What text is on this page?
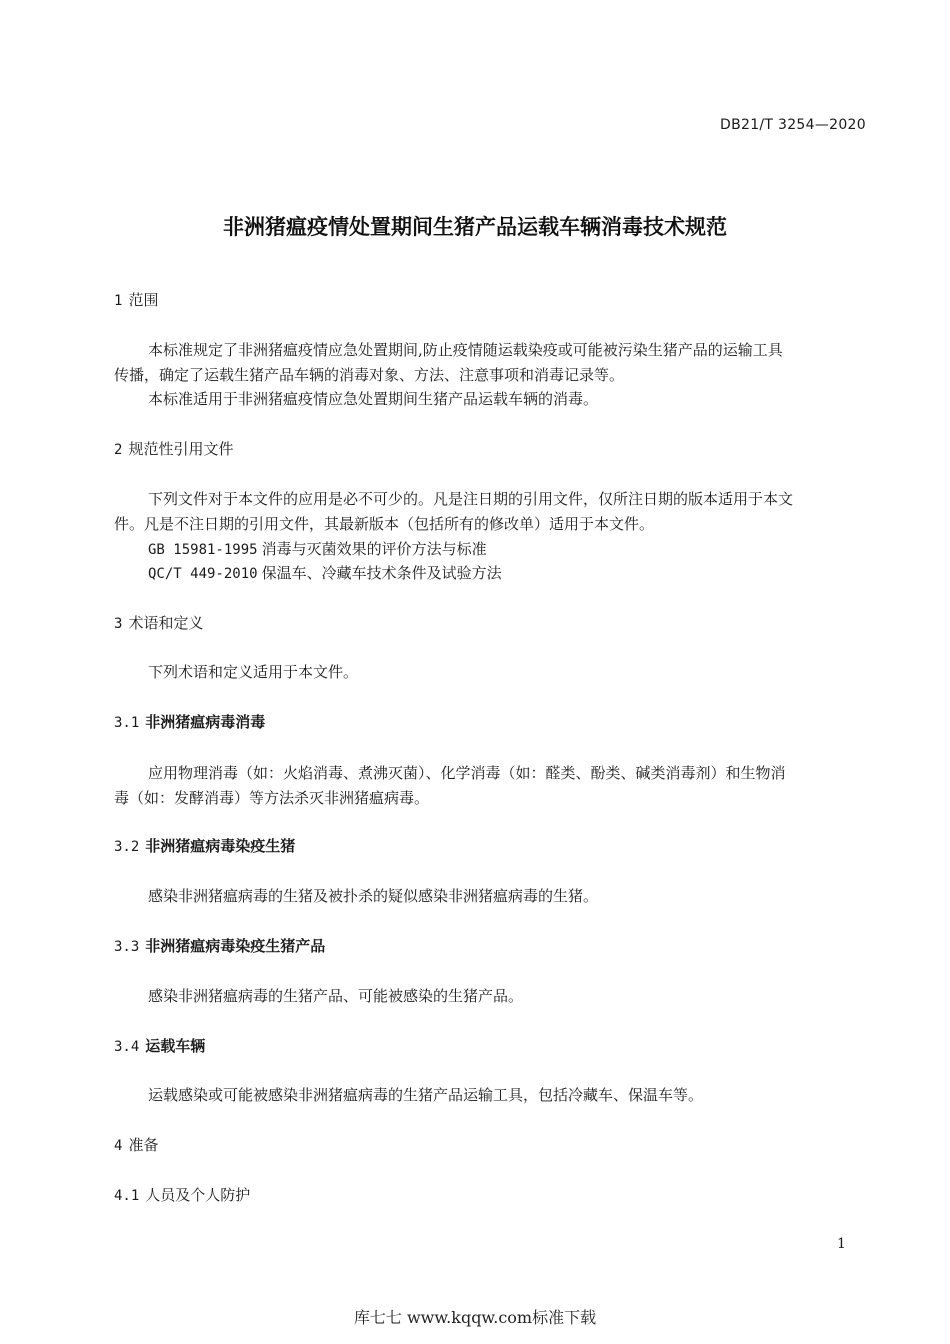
DB21/T 3254—2020
非洲猪瘟疫情处置期间生猪产品运载车辆消毒技术规范
1 范围
本标准规定了非洲猪瘟疫情应急处置期间,防止疫情随运载染疫或可能被污染生猪产品的运输工具
传播，确定了运载生猪产品车辆的消毒对象、方法、注意事项和消毒记录等。
本标准适用于非洲猪瘟疫情应急处置期间生猪产品运载车辆的消毒。
2 规范性引用文件
下列文件对于本文件的应用是必不可少的。凡是注日期的引用文件，仅所注日期的版本适用于本文
件。凡是不注日期的引用文件，其最新版本（包括所有的修改单）适用于本文件。
GB 15981-1995 消毒与灭菌效果的评价方法与标准
QC/T 449-2010 保温车、冷藏车技术条件及试验方法
3 术语和定义
下列术语和定义适用于本文件。
3.1 非洲猪瘟病毒消毒
应用物理消毒（如：火焰消毒、煮沸灭菌）、化学消毒（如：醛类、酚类、碱类消毒剂）和生物消
毒（如：发酵消毒）等方法杀灭非洲猪瘟病毒。
3.2 非洲猪瘟病毒染疫生猪
感染非洲猪瘟病毒的生猪及被扑杀的疑似感染非洲猪瘟病毒的生猪。
3.3 非洲猪瘟病毒染疫生猪产品
感染非洲猪瘟病毒的生猪产品、可能被感染的生猪产品。
3.4 运载车辆
运载感染或可能被感染非洲猪瘟病毒的生猪产品运输工具，包括冷藏车、保温车等。
4 准备
4.1 人员及个人防护
1
库七七 www.kqqw.com标准下载
